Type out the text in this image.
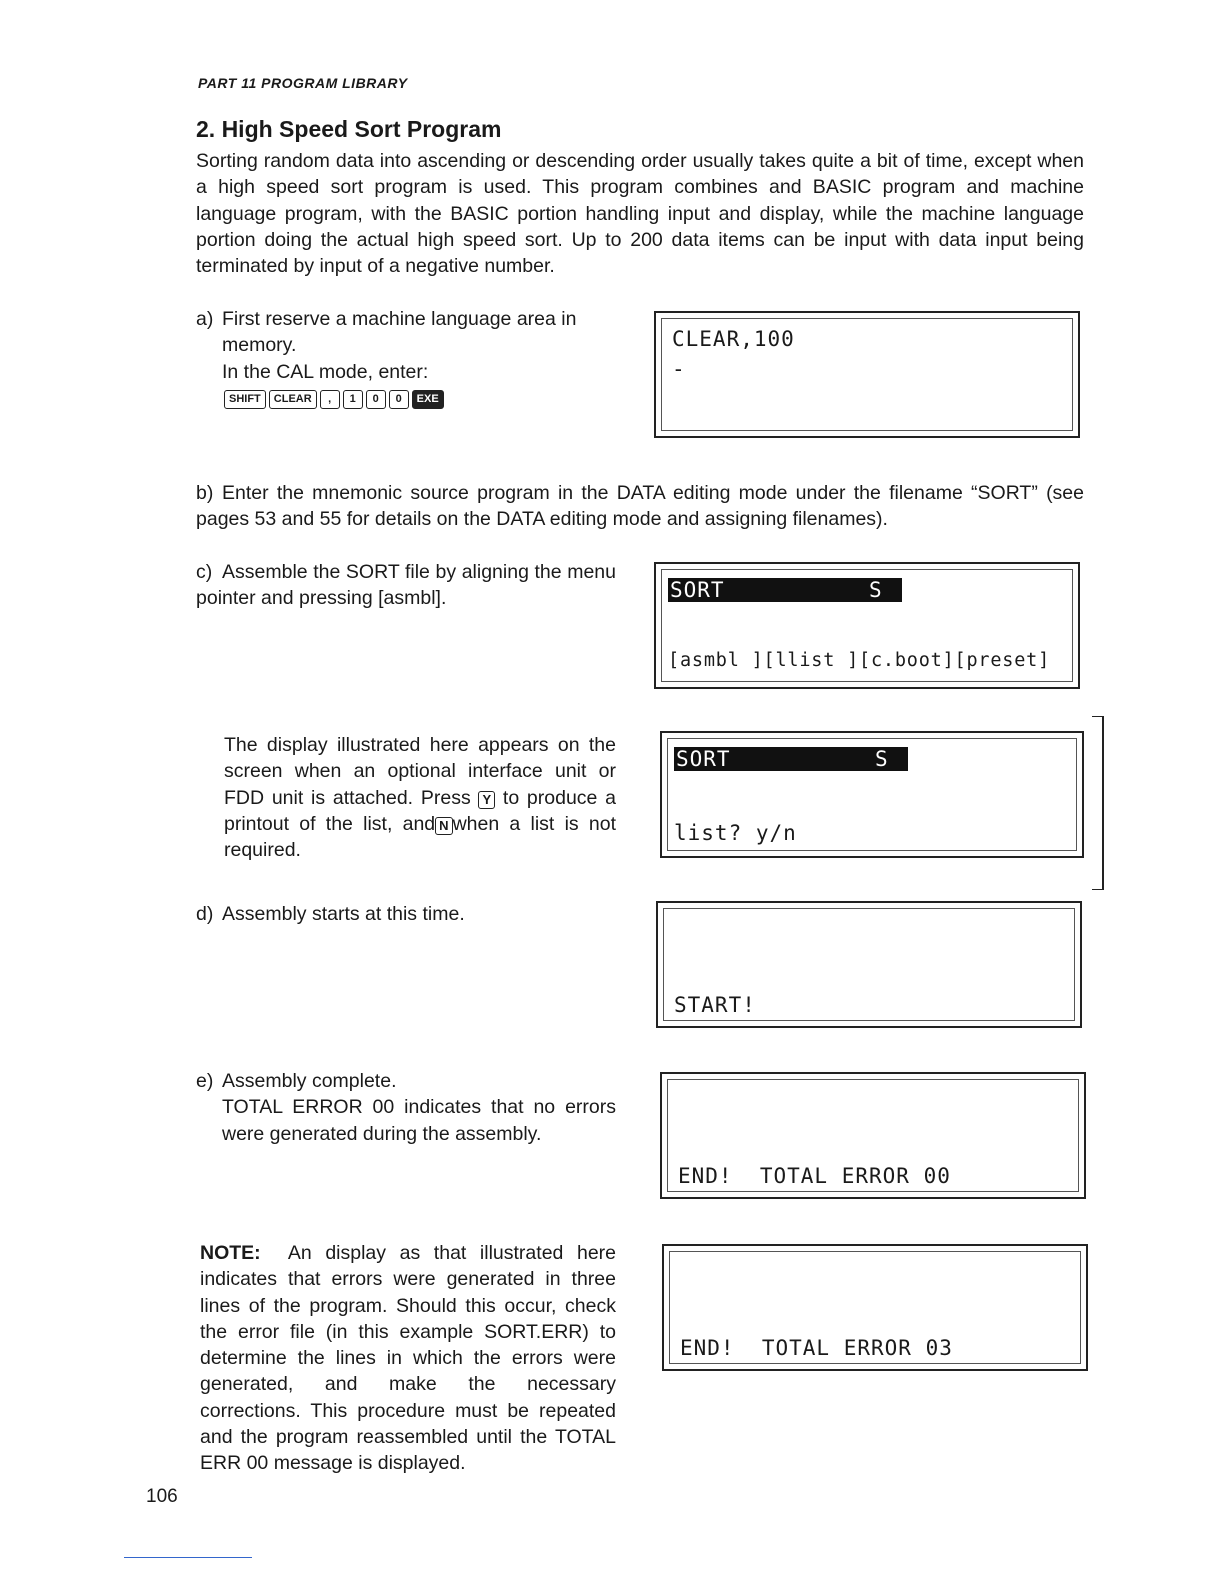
PART 11 PROGRAM LIBRARY
2. High Speed Sort Program
Sorting random data into ascending or descending order usually takes quite a bit of time, except when a high speed sort program is used. This program combines and BASIC program and machine language program, with the BASIC portion handling input and display, while the machine language portion doing the actual high speed sort. Up to 200 data items can be input with data input being terminated by input of a negative number.
a) First reserve a machine language area in
memory.
In the CAL mode, enter:
SHIFT	CLEAR	,	1	0	0	EXE
CLEAR,100
-
b) Enter the mnemonic source program in the DATA editing mode under the filename “SORT” (see pages 53 and 55 for details on the DATA editing mode and assigning filenames).
c) Assemble the SORT file by aligning the menu pointer and pressing [asmbl].	SORT	S
[asmbl ][llist ][c.boot][preset]
The display illustrated here appears on the screen when an optional interface unit or FDD unit is attached. Press Y to produce a printout of the list, and N when a list is not required.
SORT	S
list? y/n
d) Assembly starts at this time.
START!
e) Assembly complete.
TOTAL ERROR 00 indicates that no errors were generated during the assembly.
END!  TOTAL ERROR 00
NOTE: An display as that illustrated here indicates that errors were generated in three lines of the program. Should this occur, check the error file (in this example SORT.ERR) to determine the lines in which the errors were generated, and make the necessary corrections. This procedure must be repeated and the program reassembled until the TOTAL ERR 00 message is displayed.
END!  TOTAL ERROR 03
106
